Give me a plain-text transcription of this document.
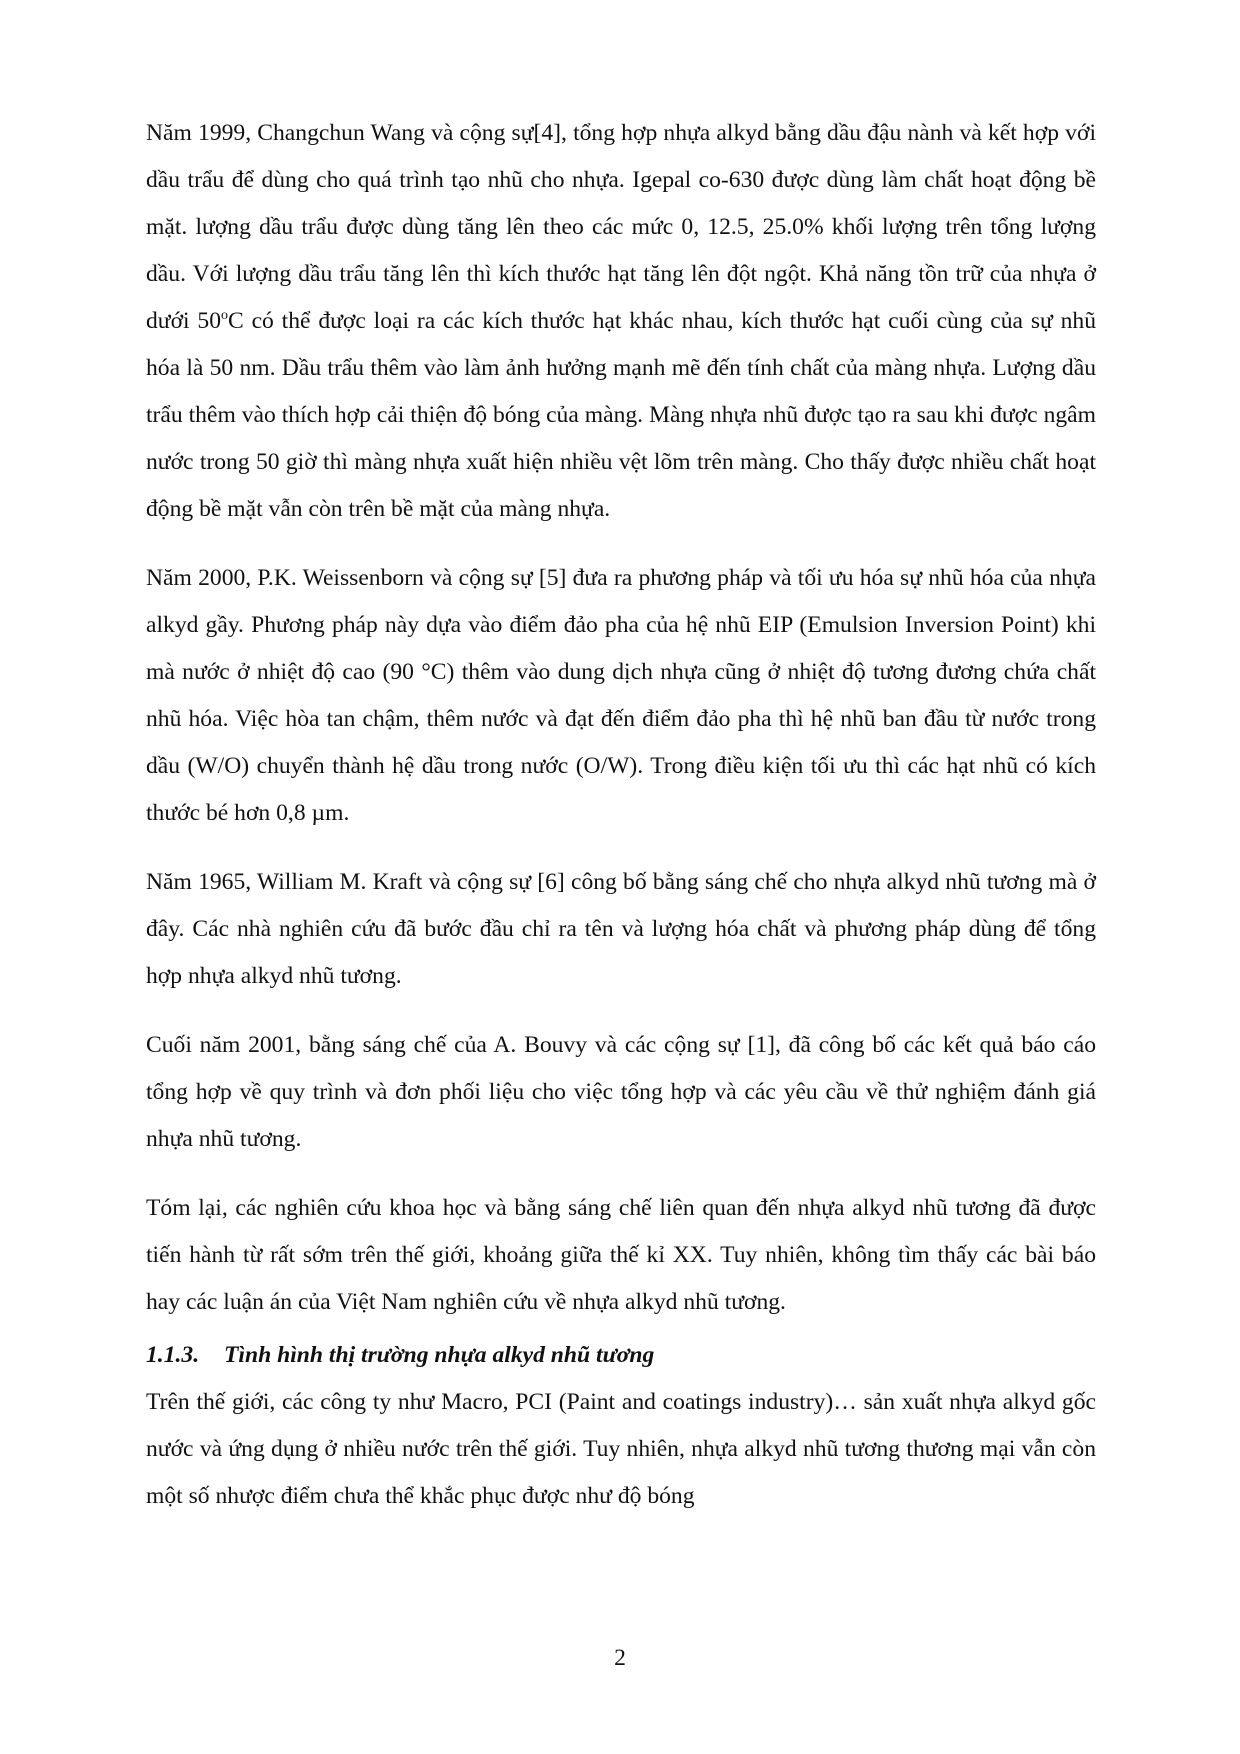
Năm 1999, Changchun Wang và cộng sự[4], tổng hợp nhựa alkyd bằng dầu đậu nành và kết hợp với dầu trẩu để dùng cho quá trình tạo nhũ cho nhựa. Igepal co-630 được dùng làm chất hoạt động bề mặt. lượng dầu trẩu được dùng tăng lên theo các mức 0, 12.5, 25.0% khối lượng trên tổng lượng dầu. Với lượng dầu trẩu tăng lên thì kích thước hạt tăng lên đột ngột. Khả năng tồn trữ của nhựa ở dưới 50$^o$C có thể được loại ra các kích thước hạt khác nhau, kích thước hạt cuối cùng của sự nhũ hóa là 50 nm. Dầu trẩu thêm vào làm ảnh hưởng mạnh mẽ đến tính chất của màng nhựa. Lượng dầu trẩu thêm vào thích hợp cải thiện độ bóng của màng. Màng nhựa nhũ được tạo ra sau khi được ngâm nước trong 50 giờ thì màng nhựa xuất hiện nhiều vệt lõm trên màng. Cho thấy được nhiều chất hoạt động bề mặt vẫn còn trên bề mặt của màng nhựa.

Năm 2000, P.K. Weissenborn và cộng sự [5] đưa ra phương pháp và tối ưu hóa sự nhũ hóa của nhựa alkyd gầy. Phương pháp này dựa vào điểm đảo pha của hệ nhũ EIP (Emulsion Inversion Point) khi mà nước ở nhiệt độ cao (90 °C) thêm vào dung dịch nhựa cũng ở nhiệt độ tương đương chứa chất nhũ hóa. Việc hòa tan chậm, thêm nước và đạt đến điểm đảo pha thì hệ nhũ ban đầu từ nước trong dầu (W/O) chuyển thành hệ dầu trong nước (O/W). Trong điều kiện tối ưu thì các hạt nhũ có kích thước bé hơn 0,8 µm.

Năm 1965, William M. Kraft và cộng sự [6] công bố bằng sáng chế cho nhựa alkyd nhũ tương mà ở đây. Các nhà nghiên cứu đã bước đầu chỉ ra tên và lượng hóa chất và phương pháp dùng để tổng hợp nhựa alkyd nhũ tương.

Cuối năm 2001, bằng sáng chế của A. Bouvy và các cộng sự [1], đã công bố các kết quả báo cáo tổng hợp về quy trình và đơn phối liệu cho việc tổng hợp và các yêu cầu về thử nghiệm đánh giá nhựa nhũ tương.

Tóm lại, các nghiên cứu khoa học và bằng sáng chế liên quan đến nhựa alkyd nhũ tương đã được tiến hành từ rất sớm trên thế giới, khoảng giữa thế kỉ XX. Tuy nhiên, không tìm thấy các bài báo hay các luận án của Việt Nam nghiên cứu về nhựa alkyd nhũ tương.

1.1.3. Tình hình thị trường nhựa alkyd nhũ tương

Trên thế giới, các công ty như Macro, PCI (Paint and coatings industry)… sản xuất nhựa alkyd gốc nước và ứng dụng ở nhiều nước trên thế giới. Tuy nhiên, nhựa alkyd nhũ tương thương mại vẫn còn một số nhược điểm chưa thể khắc phục được như độ bóng

2
